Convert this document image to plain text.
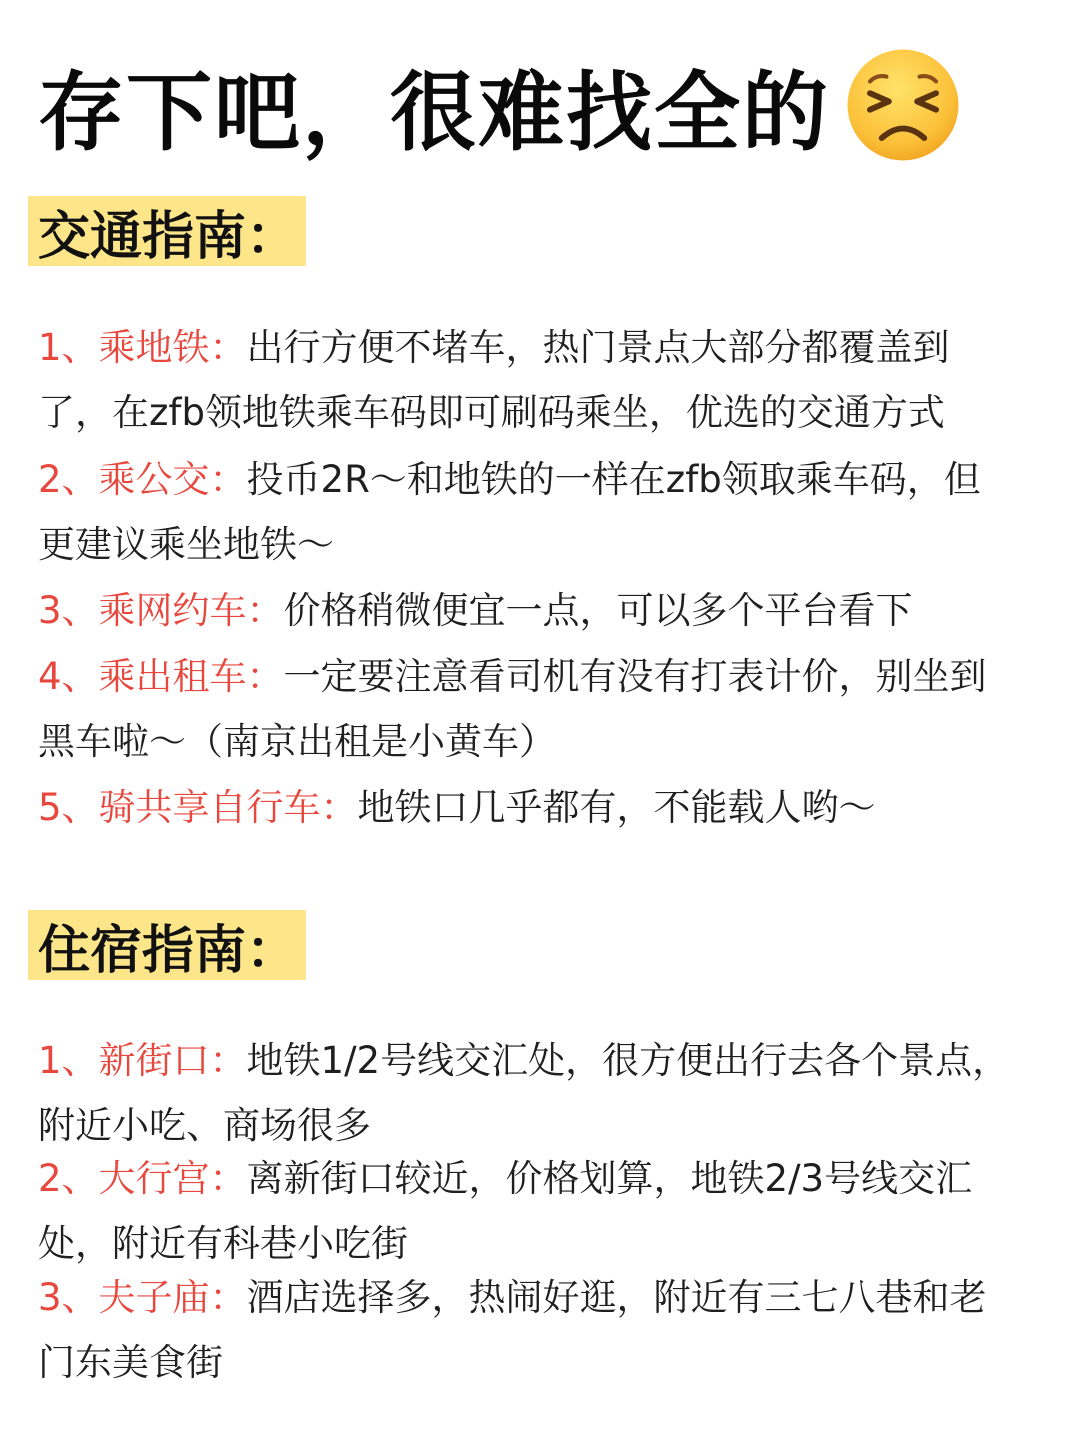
存下吧，很难找全的
交通指南：
1、乘地铁：出行方便不堵车，热门景点大部分都覆盖到了，在zfb领地铁乘车码即可刷码乘坐，优选的交通方式
2、乘公交：投币2R～和地铁的一样在zfb领取乘车码，但更建议乘坐地铁～
3、乘网约车：价格稍微便宜一点，可以多个平台看下
4、乘出租车：一定要注意看司机有没有打表计价，别坐到黑车啦～（南京出租是小黄车）
5、骑共享自行车：地铁口几乎都有，不能载人哟～
住宿指南：
1、新街口：地铁1/2号线交汇处，很方便出行去各个景点，附近小吃、商场很多
2、大行宫：离新街口较近，价格划算，地铁2/3号线交汇处，附近有科巷小吃街
3、夫子庙：酒店选择多，热闹好逛，附近有三七八巷和老门东美食街
